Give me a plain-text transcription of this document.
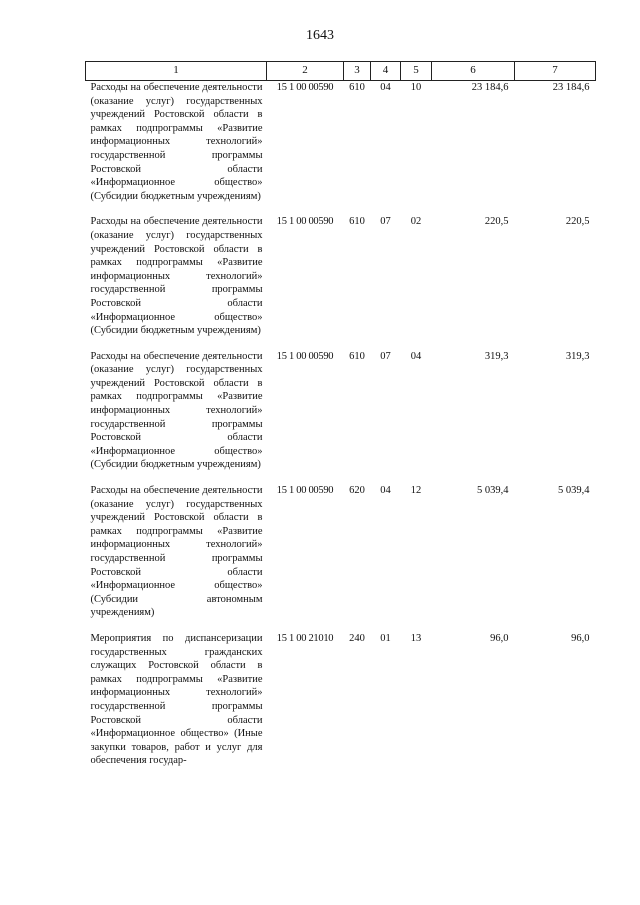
1643
1	2	3	4	5	6	7
Расходы на обеспечение деятельности (оказание услуг) государственных учреждений Ростовской области в рамках подпрограммы «Развитие информационных технологий» государственной программы Ростовской области «Информационное общество» (Субсидии бюджетным учреждениям)	15 1 00 00590	610	04	10	23 184,6	23 184,6
Расходы на обеспечение деятельности (оказание услуг) государственных учреждений Ростовской области в рамках подпрограммы «Развитие информационных технологий» государственной программы Ростовской области «Информационное общество» (Субсидии бюджетным учреждениям)	15 1 00 00590	610	07	02	220,5	220,5
Расходы на обеспечение деятельности (оказание услуг) государственных учреждений Ростовской области в рамках подпрограммы «Развитие информационных технологий» государственной программы Ростовской области «Информационное общество» (Субсидии бюджетным учреждениям)	15 1 00 00590	610	07	04	319,3	319,3
Расходы на обеспечение деятельности (оказание услуг) государственных учреждений Ростовской области в рамках подпрограммы «Развитие информационных технологий» государственной программы Ростовской области «Информационное общество» (Субсидии автономным учреждениям)	15 1 00 00590	620	04	12	5 039,4	5 039,4
Мероприятия по диспансеризации государственных гражданских служащих Ростовской области в рамках подпрограммы «Развитие информационных технологий» государственной программы Ростовской области «Информационное общество» (Иные закупки товаров, работ и услуг для обеспечения государ-	15 1 00 21010	240	01	13	96,0	96,0
